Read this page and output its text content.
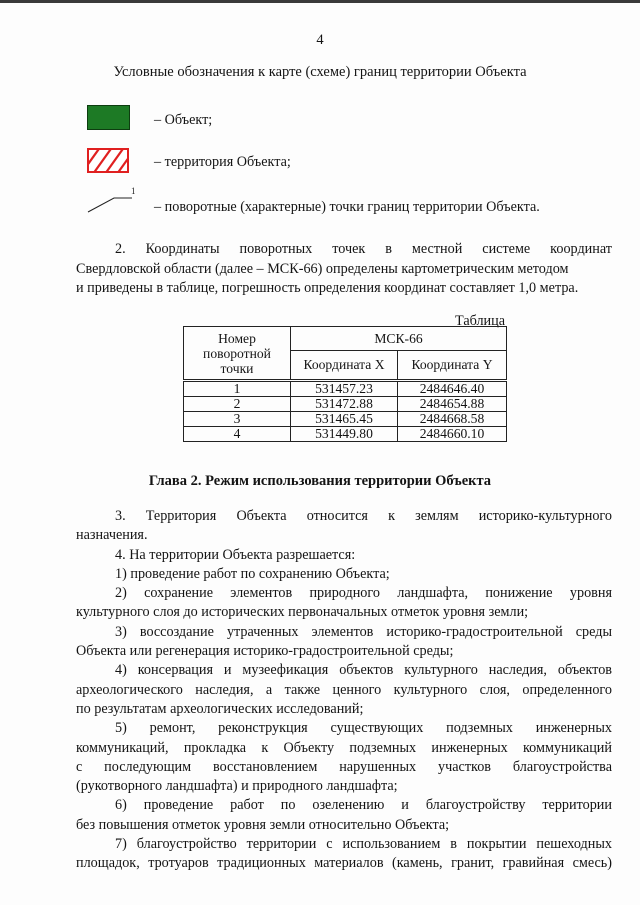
4
Условные обозначения к карте (схеме) границ территории Объекта
– Объект;
– территория Объекта;
1
– поворотные (характерные) точки границ территории Объекта.
2. Координаты поворотных точек в местной системе координат
Свердловской области (далее – МСК-66) определены картометрическим методом
и приведены в таблице, погрешность определения координат составляет 1,0 метра.
Таблица
Номер
поворотной
точки	МСК-66	
	Координата X	Координата Y
1	531457.23	2484646.40
2	531472.88	2484654.88
3	531465.45	2484668.58
4	531449.80	2484660.10
Глава 2. Режим использования территории Объекта
3. Территория Объекта относится к землям историко-культурного
назначения.
4. На территории Объекта разрешается:
1) проведение работ по сохранению Объекта;
2) сохранение элементов природного ландшафта, понижение уровня
культурного слоя до исторических первоначальных отметок уровня земли;
3) воссоздание утраченных элементов историко-градостроительной среды
Объекта или регенерация историко-градостроительной среды;
4) консервация и музеефикация объектов культурного наследия, объектов
археологического наследия, а также ценного культурного слоя, определенного
по результатам археологических исследований;
5) ремонт, реконструкция существующих подземных инженерных
коммуникаций, прокладка к Объекту подземных инженерных коммуникаций
с последующим восстановлением нарушенных участков благоустройства
(рукотворного ландшафта) и природного ландшафта;
6) проведение работ по озеленению и благоустройству территории
без повышения отметок уровня земли относительно Объекта;
7) благоустройство территории с использованием в покрытии пешеходных
площадок, тротуаров традиционных материалов (камень, гранит, гравийная смесь)
